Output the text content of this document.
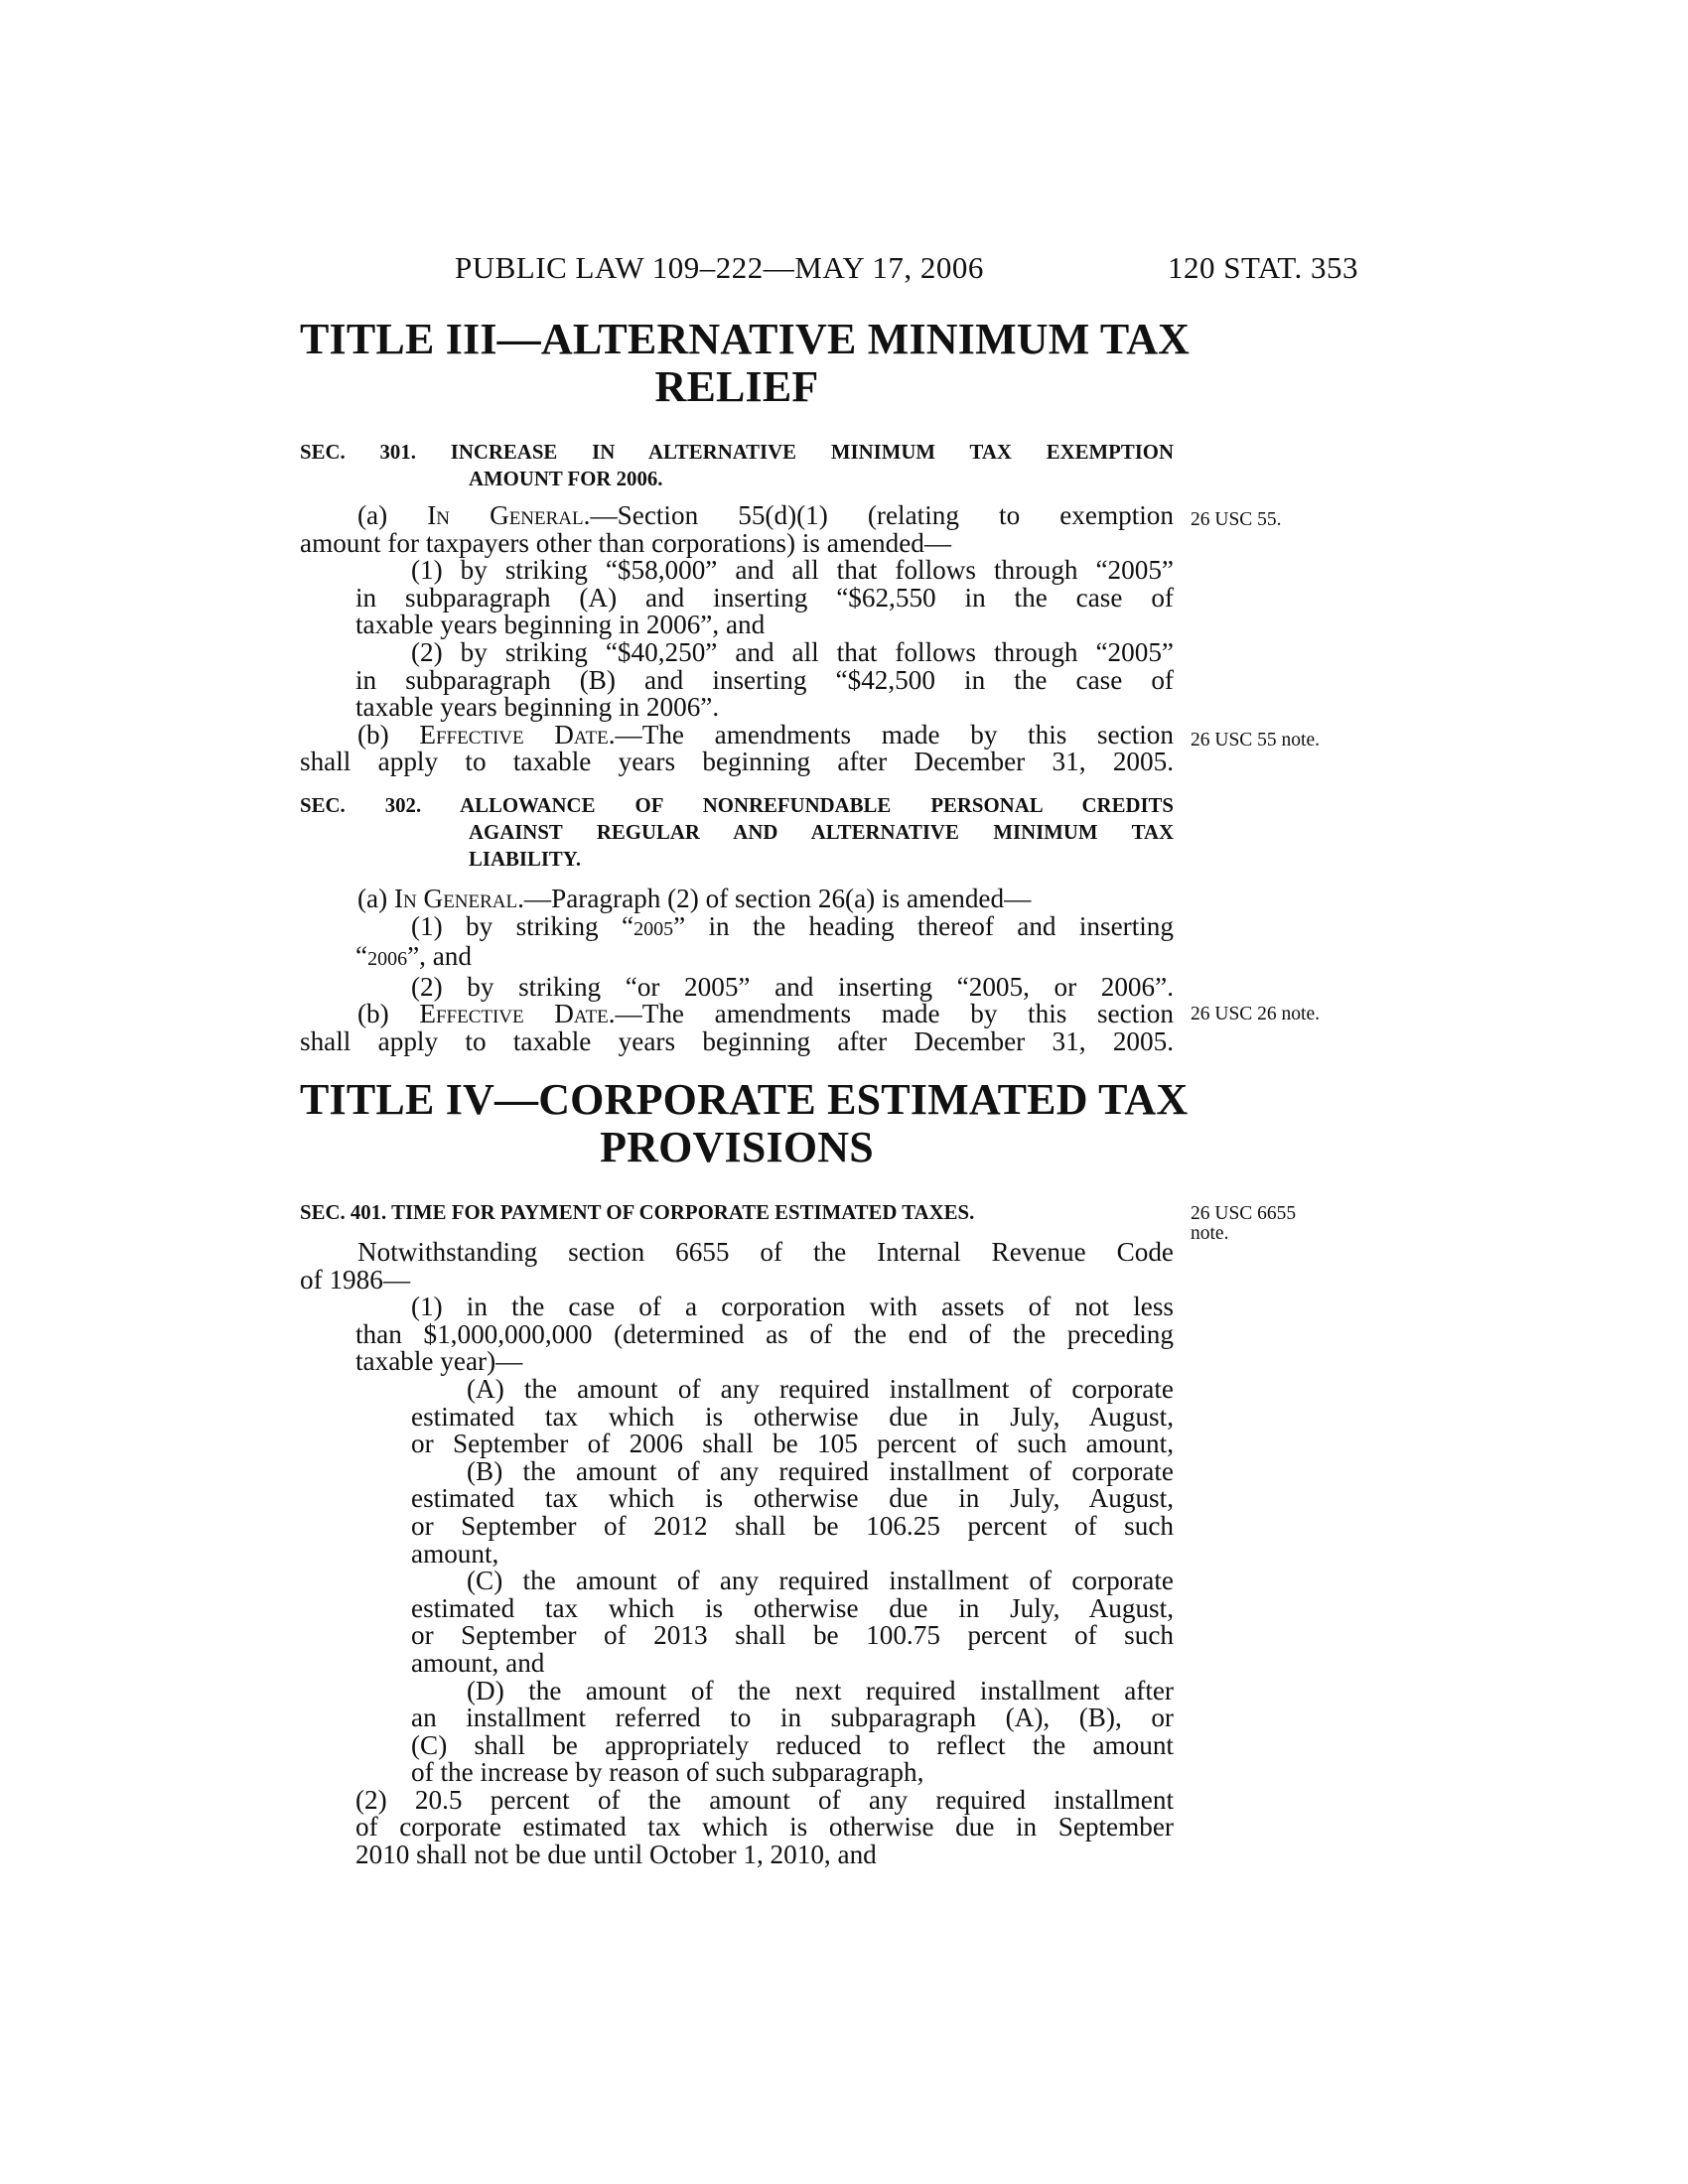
PUBLIC LAW 109–222—MAY 17, 2006	120 STAT. 353
TITLE III—ALTERNATIVE MINIMUM TAX
RELIEF
SEC. 301. INCREASE IN ALTERNATIVE MINIMUM TAX EXEMPTION
AMOUNT FOR 2006.
(a) In General.—Section 55(d)(1) (relating to exemption
amount for taxpayers other than corporations) is amended—
(1) by striking “$58,000” and all that follows through “2005”
in subparagraph (A) and inserting “$62,550 in the case of
taxable years beginning in 2006”, and
(2) by striking “$40,250” and all that follows through “2005”
in subparagraph (B) and inserting “$42,500 in the case of
taxable years beginning in 2006”.
(b) Effective Date.—The amendments made by this section
shall apply to taxable years beginning after December 31, 2005.
26 USC 55.
26 USC 55 note.
SEC. 302. ALLOWANCE OF NONREFUNDABLE PERSONAL CREDITS
AGAINST REGULAR AND ALTERNATIVE MINIMUM TAX
LIABILITY.
(a) In General.—Paragraph (2) of section 26(a) is amended—
(1) by striking “2005” in the heading thereof and inserting
“2006”, and
(2) by striking “or 2005” and inserting “2005, or 2006”.
(b) Effective Date.—The amendments made by this section
shall apply to taxable years beginning after December 31, 2005.
26 USC 26 note.
TITLE IV—CORPORATE ESTIMATED TAX
PROVISIONS
SEC. 401. TIME FOR PAYMENT OF CORPORATE ESTIMATED TAXES.	26 USC 6655
note.
Notwithstanding section 6655 of the Internal Revenue Code
of 1986—
(1) in the case of a corporation with assets of not less
than $1,000,000,000 (determined as of the end of the preceding
taxable year)—
(A) the amount of any required installment of corporate
estimated tax which is otherwise due in July, August,
or September of 2006 shall be 105 percent of such amount,
(B) the amount of any required installment of corporate
estimated tax which is otherwise due in July, August,
or September of 2012 shall be 106.25 percent of such
amount,
(C) the amount of any required installment of corporate
estimated tax which is otherwise due in July, August,
or September of 2013 shall be 100.75 percent of such
amount, and
(D) the amount of the next required installment after
an installment referred to in subparagraph (A), (B), or
(C) shall be appropriately reduced to reflect the amount
of the increase by reason of such subparagraph,
(2) 20.5 percent of the amount of any required installment
of corporate estimated tax which is otherwise due in September
2010 shall not be due until October 1, 2010, and
